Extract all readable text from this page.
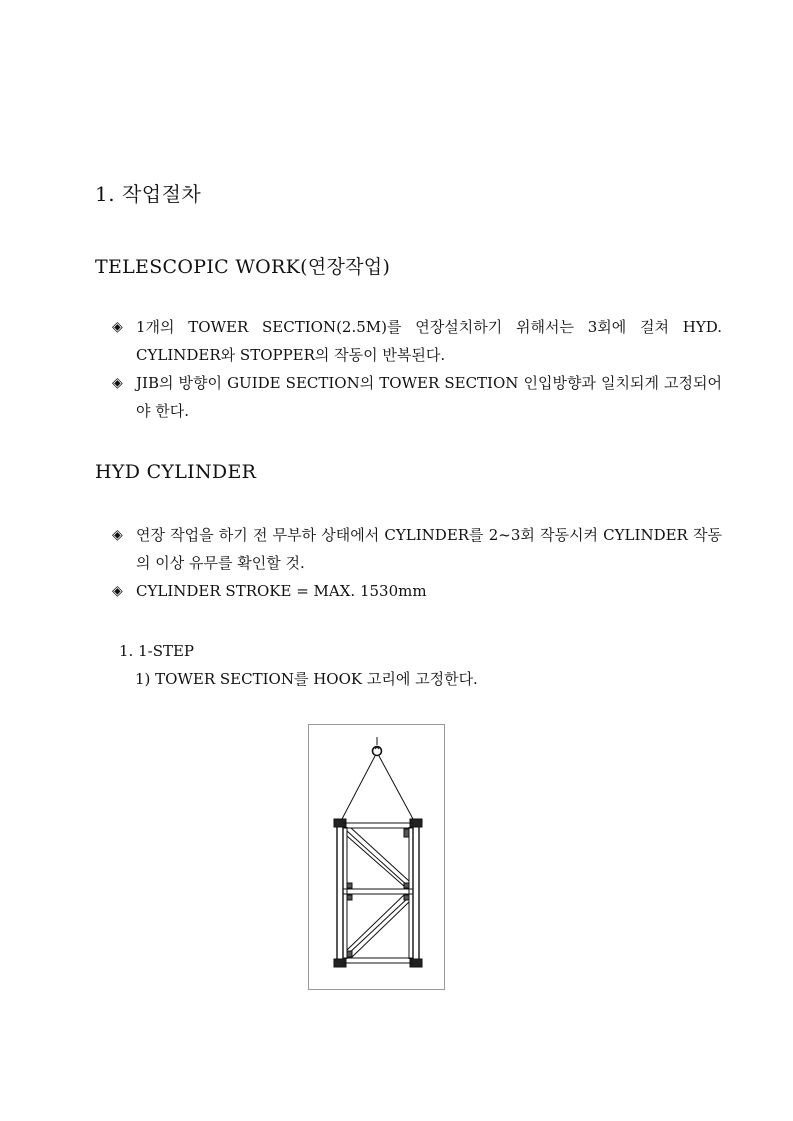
1. 작업절차
TELESCOPIC WORK(연장작업)
◈ 1개의 TOWER SECTION(2.5M)를 연장설치하기 위해서는 3회에 걸쳐 HYD. CYLINDER와 STOPPER의 작동이 반복된다.
◈ JIB의 방향이 GUIDE SECTION의 TOWER SECTION 인입방향과 일치되게 고정되어야 한다.
HYD CYLINDER
◈ 연장 작업을 하기 전 무부하 상태에서 CYLINDER를 2~3회 작동시켜 CYLINDER 작동의 이상 유무를 확인할 것.
◈ CYLINDER STROKE = MAX. 1530mm
1. 1-STEP
1) TOWER SECTION를 HOOK 고리에 고정한다.
